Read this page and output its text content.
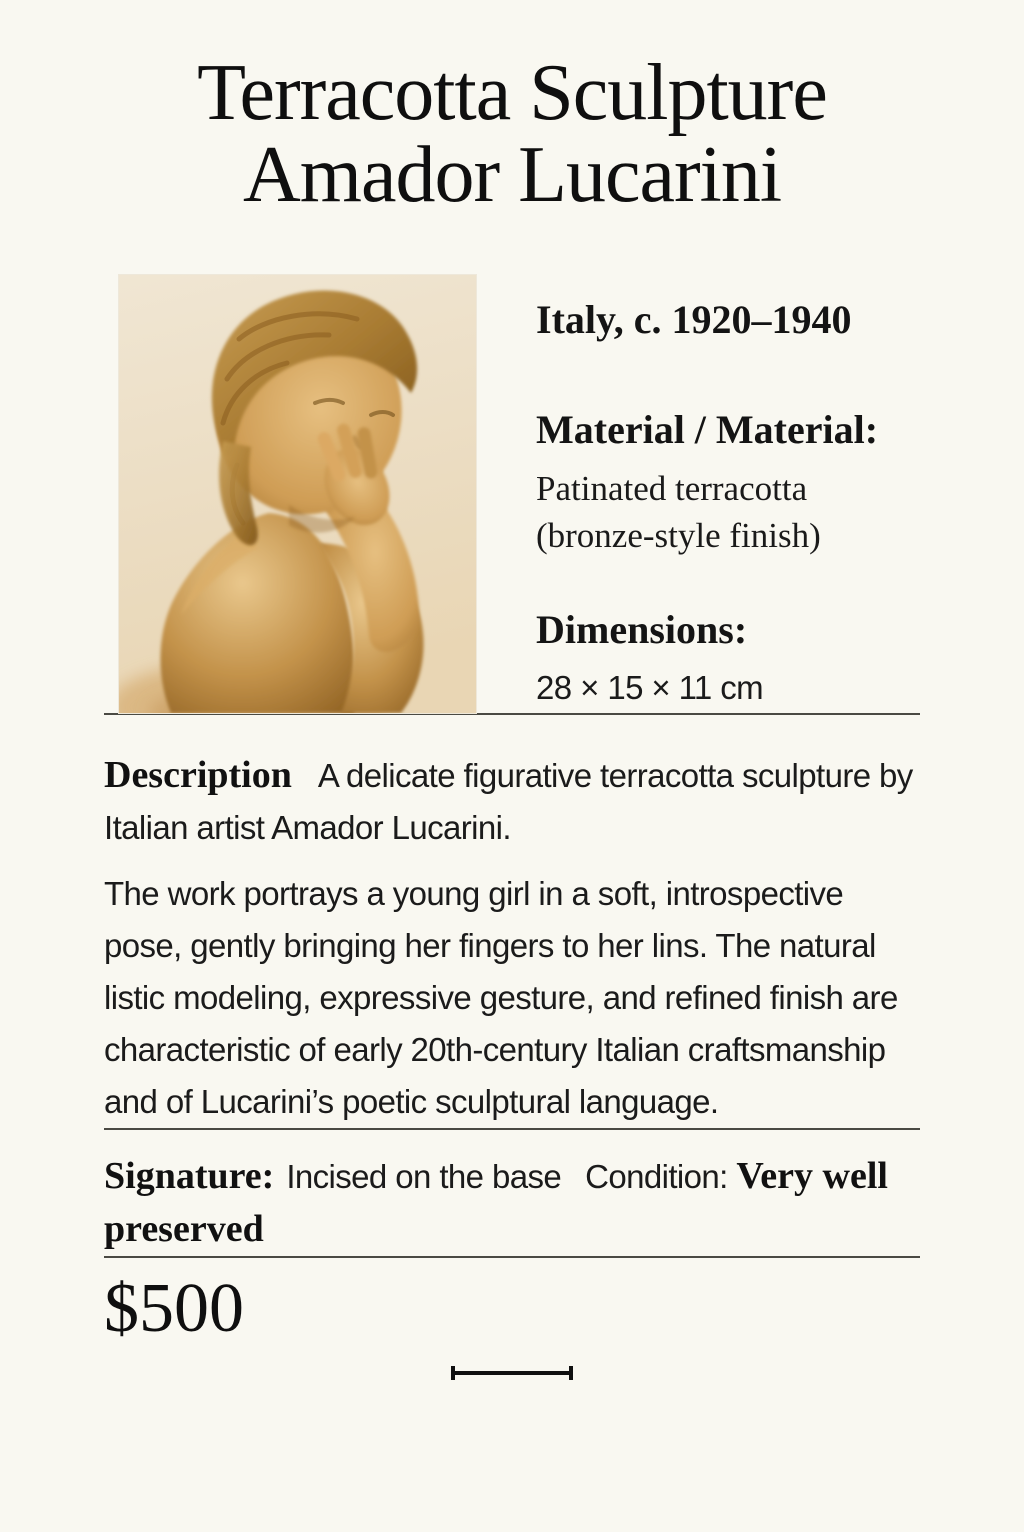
Terracotta Sculpture
Amador Lucarini

Italy, c. 1920–1940

Material / Material:

Patinated terracotta (bronze-style finish)

Dimensions:

28 × 15 × 11 cm

Description A delicate figurative terracotta sculpture by Italian artist Amador Lucarini.

The work portrays a young girl in a soft, introspective pose, gently bringing her fingers to her lins. The natural listic modeling, expressive gesture, and refined finish are characteristic of early 20th-century Italian craftsmanship and of Lucarini’s poetic sculptural language.

Signature: Incised on the base Condition: Very well preserved

$500
